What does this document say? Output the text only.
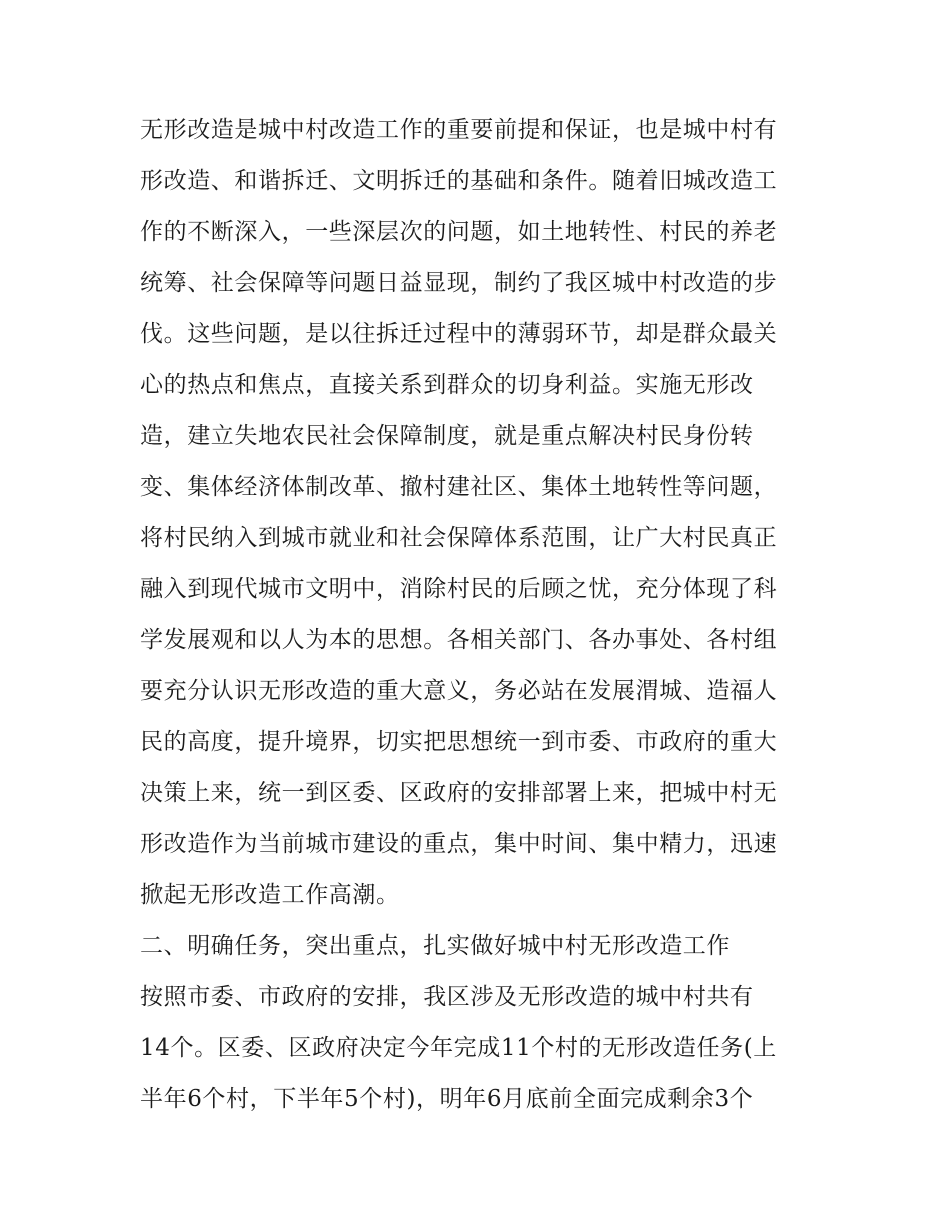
无形改造是城中村改造工作的重要前提和保证，也是城中村有
形改造、和谐拆迁、文明拆迁的基础和条件。随着旧城改造工
作的不断深入，一些深层次的问题，如土地转性、村民的养老
统筹、社会保障等问题日益显现，制约了我区城中村改造的步
伐。这些问题，是以往拆迁过程中的薄弱环节，却是群众最关
心的热点和焦点，直接关系到群众的切身利益。实施无形改
造，建立失地农民社会保障制度，就是重点解决村民身份转
变、集体经济体制改革、撤村建社区、集体土地转性等问题，
将村民纳入到城市就业和社会保障体系范围，让广大村民真正
融入到现代城市文明中，消除村民的后顾之忧，充分体现了科
学发展观和以人为本的思想。各相关部门、各办事处、各村组
要充分认识无形改造的重大意义，务必站在发展渭城、造福人
民的高度，提升境界，切实把思想统一到市委、市政府的重大
决策上来，统一到区委、区政府的安排部署上来，把城中村无
形改造作为当前城市建设的重点，集中时间、集中精力，迅速
掀起无形改造工作高潮。
二、明确任务，突出重点，扎实做好城中村无形改造工作
按照市委、市政府的安排，我区涉及无形改造的城中村共有
14个。区委、区政府决定今年完成11个村的无形改造任务(上
半年6个村，下半年5个村)，明年6月底前全面完成剩余3个
